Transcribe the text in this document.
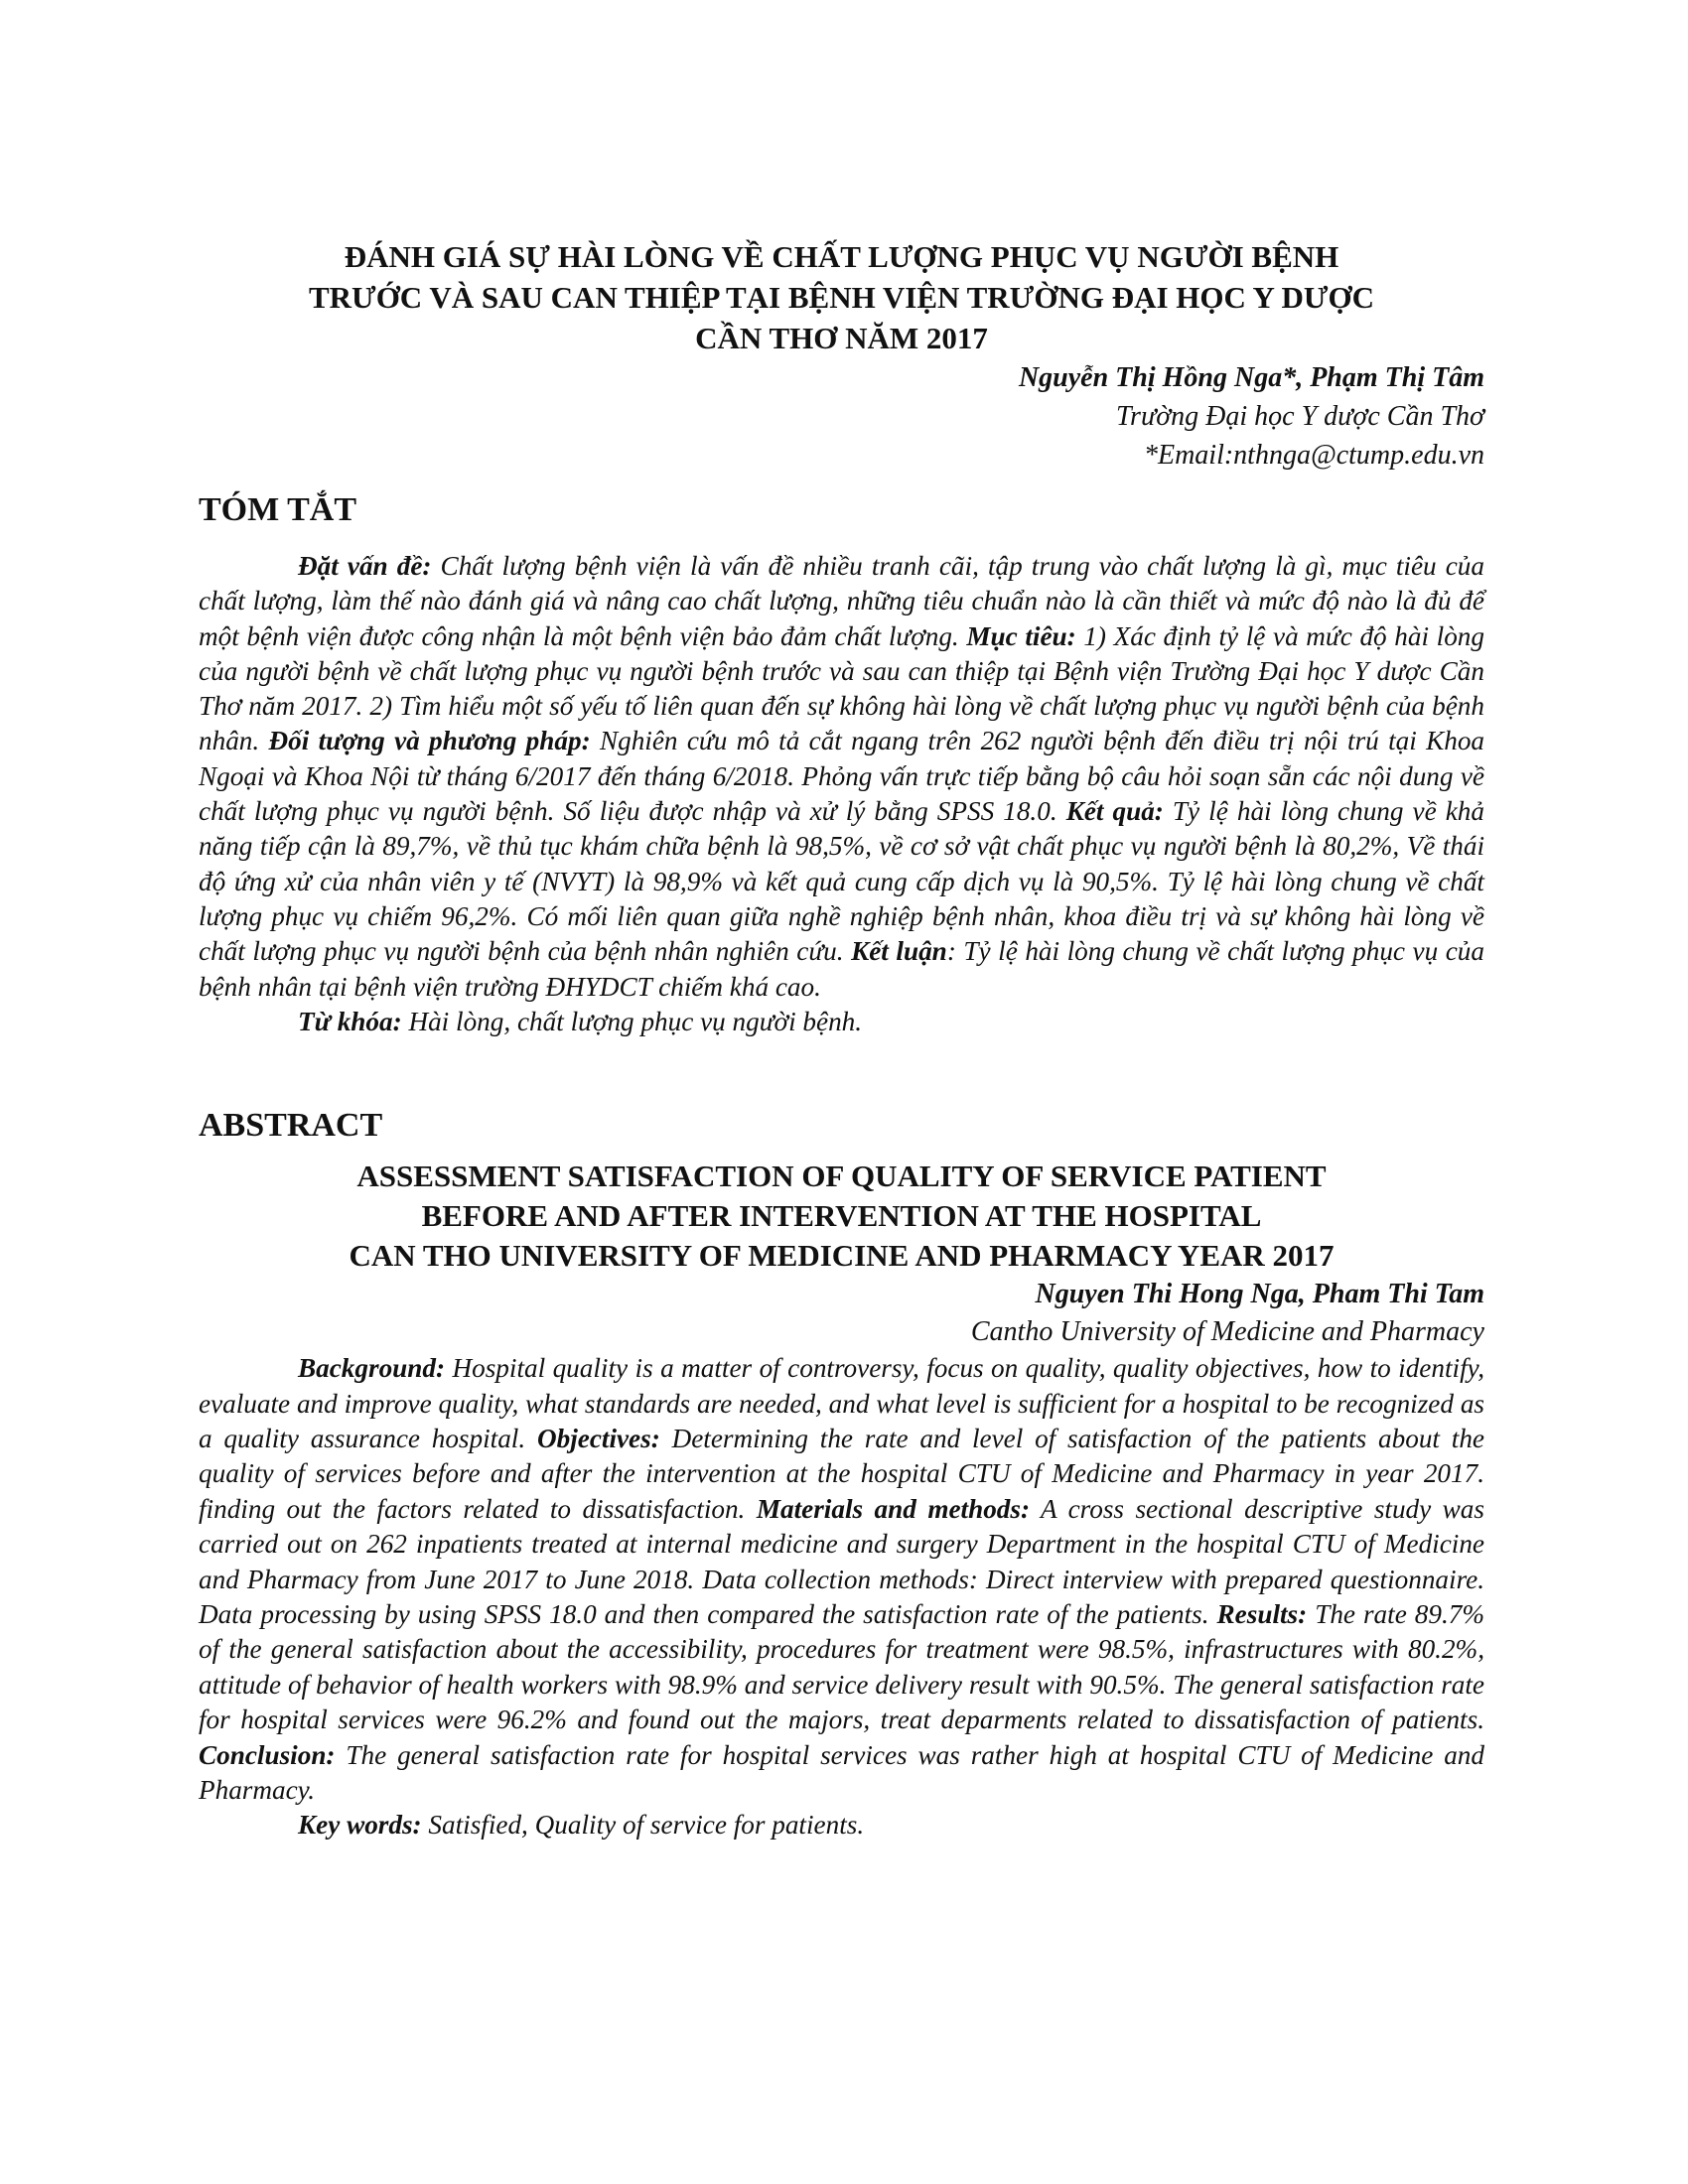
ĐÁNH GIÁ SỰ HÀI LÒNG VỀ CHẤT LƯỢNG PHỤC VỤ NGƯỜI BỆNH

TRƯỚC VÀ SAU CAN THIỆP TẠI BỆNH VIỆN TRƯỜNG ĐẠI HỌC Y DƯỢC

CẦN THƠ NĂM 2017

Nguyễn Thị Hồng Nga*, Phạm Thị Tâm
Trường Đại học Y dược Cần Thơ
*Email:nthnga@ctump.edu.vn
TÓM TẮT

Đặt vấn đề: Chất lượng bệnh viện là vấn đề nhiều tranh cãi, tập trung vào chất lượng là gì, mục tiêu của chất lượng, làm thế nào đánh giá và nâng cao chất lượng, những tiêu chuẩn nào là cần thiết và mức độ nào là đủ để một bệnh viện được công nhận là một bệnh viện bảo đảm chất lượng. Mục tiêu: 1) Xác định tỷ lệ và mức độ hài lòng của người bệnh về chất lượng phục vụ người bệnh trước và sau can thiệp tại Bệnh viện Trường Đại học Y dược Cần Thơ năm 2017. 2) Tìm hiểu một số yếu tố liên quan đến sự không hài lòng về chất lượng phục vụ người bệnh của bệnh nhân. Đối tượng và phương pháp: Nghiên cứu mô tả cắt ngang trên 262 người bệnh đến điều trị nội trú tại Khoa Ngoại và Khoa Nội từ tháng 6/2017 đến tháng 6/2018. Phỏng vấn trực tiếp bằng bộ câu hỏi soạn sẵn các nội dung về chất lượng phục vụ người bệnh. Số liệu được nhập và xử lý bằng SPSS 18.0. Kết quả: Tỷ lệ hài lòng chung về khả năng tiếp cận là 89,7%, về thủ tục khám chữa bệnh là 98,5%, về cơ sở vật chất phục vụ người bệnh là 80,2%, Về thái độ ứng xử của nhân viên y tế (NVYT) là 98,9% và kết quả cung cấp dịch vụ là 90,5%. Tỷ lệ hài lòng chung về chất lượng phục vụ chiếm 96,2%. Có mối liên quan giữa nghề nghiệp bệnh nhân, khoa điều trị và sự không hài lòng về chất lượng phục vụ người bệnh của bệnh nhân nghiên cứu. Kết luận: Tỷ lệ hài lòng chung về chất lượng phục vụ của bệnh nhân tại bệnh viện trường ĐHYDCT chiếm khá cao.

Từ khóa: Hài lòng, chất lượng phục vụ người bệnh.

ABSTRACT

ASSESSMENT SATISFACTION OF QUALITY OF SERVICE PATIENT

BEFORE AND AFTER INTERVENTION AT THE HOSPITAL

CAN THO UNIVERSITY OF MEDICINE AND PHARMACY YEAR 2017

Nguyen Thi Hong Nga, Pham Thi Tam
Cantho University of Medicine and Pharmacy

Background: Hospital quality is a matter of controversy, focus on quality, quality objectives, how to identify, evaluate and improve quality, what standards are needed, and what level is sufficient for a hospital to be recognized as a quality assurance hospital. Objectives: Determining the rate and level of satisfaction of the patients about the quality of services before and after the intervention at the hospital CTU of Medicine and Pharmacy in year 2017. finding out the factors related to dissatisfaction. Materials and methods: A cross sectional descriptive study was carried out on 262 inpatients treated at internal medicine and surgery Department in the hospital CTU of Medicine and Pharmacy from June 2017 to June 2018. Data collection methods: Direct interview with prepared questionnaire. Data processing by using SPSS 18.0 and then compared the satisfaction rate of the patients. Results: The rate 89.7% of the general satisfaction about the accessibility, procedures for treatment were 98.5%, infrastructures with 80.2%, attitude of behavior of health workers with 98.9% and service delivery result with 90.5%. The general satisfaction rate for hospital services were 96.2% and found out the majors, treat deparments related to dissatisfaction of patients. Conclusion: The general satisfaction rate for hospital services was rather high at hospital CTU of Medicine and Pharmacy.

Key words: Satisfied, Quality of service for patients.
